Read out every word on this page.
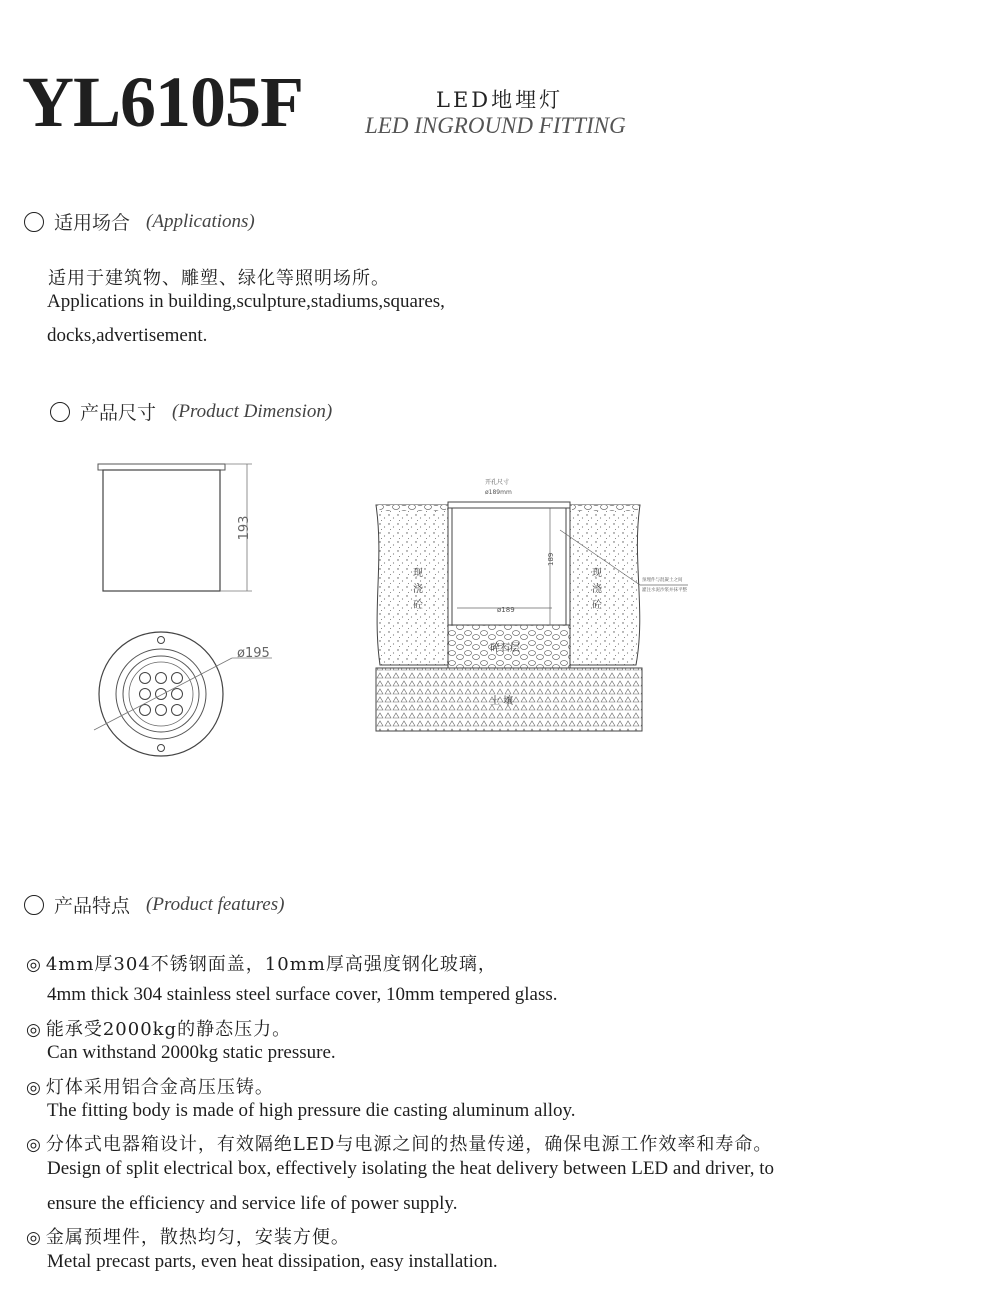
YL6105F	LED地埋灯
LED INGROUND FITTING
适用场合 (Applications)
适用于建筑物、雕塑、绿化等照明场所。
Applications in building,sculpture,stadiums,squares,
docks,advertisement.
产品尺寸 (Product Dimension)
193
ø195
开孔尺寸
ø189mm
ø189
189
现
浇
砼
现
浇
砼
碎石层
土 壤
预埋件与混凝土之间
灌注水泥沙浆并抹平整
产品特点 (Product features)
◎ 4mm厚304不锈钢面盖，10mm厚高强度钢化玻璃，
4mm thick 304 stainless steel surface cover, 10mm tempered glass.
◎ 能承受2000kg的静态压力。
Can withstand 2000kg static pressure.
◎ 灯体采用铝合金高压压铸。
The fitting body is made of high pressure die casting aluminum alloy.
◎ 分体式电器箱设计，有效隔绝LED与电源之间的热量传递，确保电源工作效率和寿命。
Design of split electrical box, effectively isolating the heat delivery between LED and driver, to
ensure the efficiency and service life of power supply.
◎ 金属预埋件，散热均匀，安装方便。
Metal precast parts, even heat dissipation, easy installation.
